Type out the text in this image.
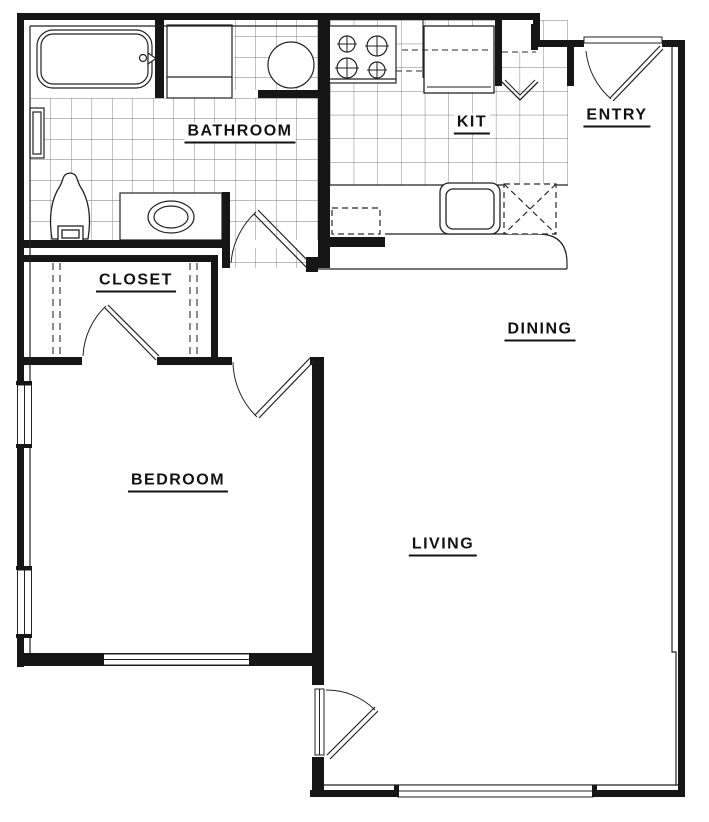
BATHROOM
KIT	ENTRY
CLOSET
DINING
BEDROOM
LIVING
